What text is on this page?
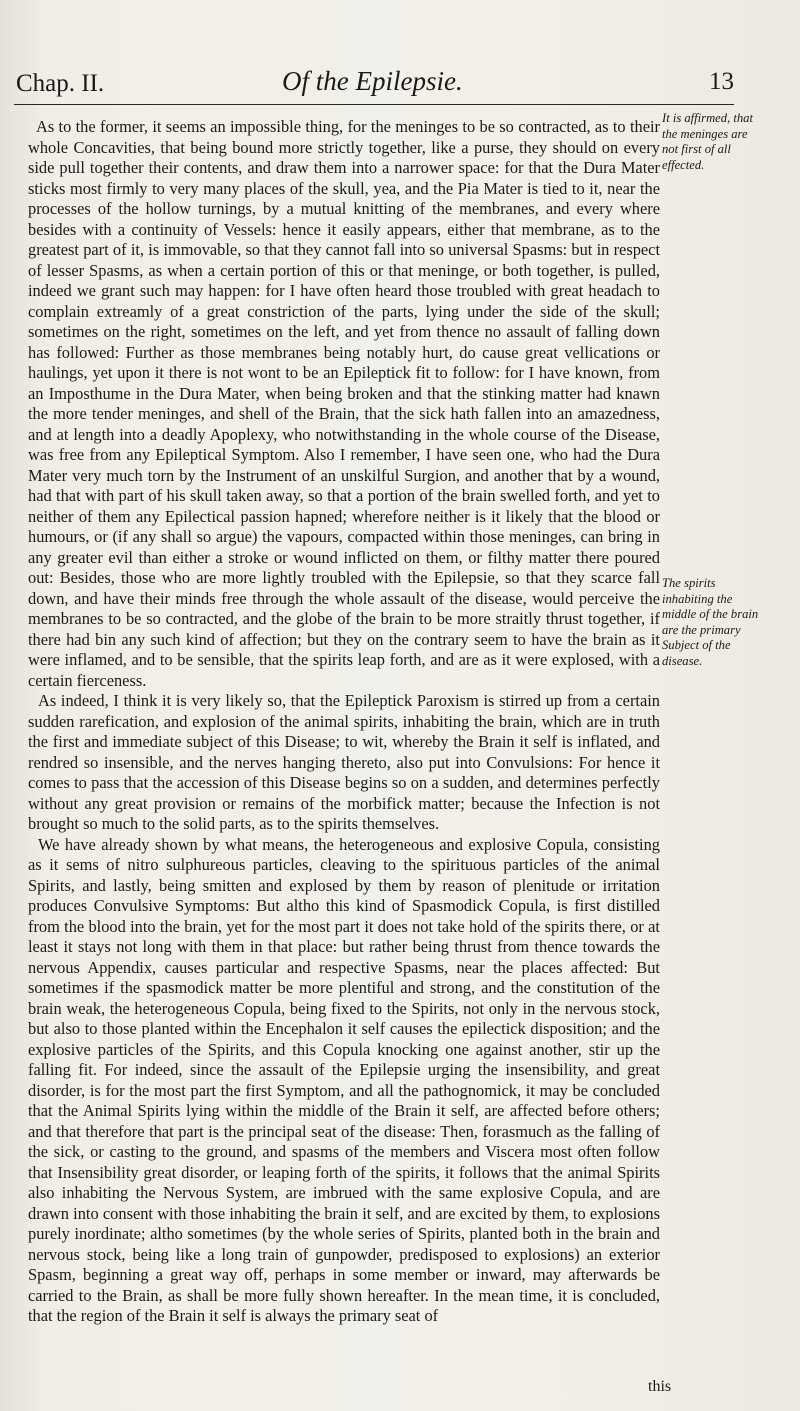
Chap. II.	Of the Epilepsie.	13

As to the former, it seems an impossible thing, for the meninges to be so contracted, as to their whole Concavities, that being bound more strictly together, like a purse, they should on every side pull together their contents, and draw them into a narrower space: for that the Dura Mater sticks most firmly to very many places of the skull, yea, and the Pia Mater is tied to it, near the processes of the hollow turnings, by a mutual knitting of the membranes, and every where besides with a continuity of Vessels: hence it easily appears, either that membrane, as to the greatest part of it, is immovable, so that they cannot fall into so universal Spasms: but in respect of lesser Spasms, as when a certain portion of this or that meninge, or both together, is pulled, indeed we grant such may happen: for I have often heard those troubled with great headach to complain extreamly of a great constriction of the parts, lying under the side of the skull; sometimes on the right, sometimes on the left, and yet from thence no assault of falling down has followed: Further as those membranes being notably hurt, do cause great vellications or haulings, yet upon it there is not wont to be an Epileptick fit to follow: for I have known, from an Imposthume in the Dura Mater, when being broken and that the stinking matter had knawn the more tender meninges, and shell of the Brain, that the sick hath fallen into an amazedness, and at length into a deadly Apoplexy, who notwithstanding in the whole course of the Disease, was free from any Epileptical Symptom. Also I remember, I have seen one, who had the Dura Mater very much torn by the Instrument of an unskilful Surgion, and another that by a wound, had that with part of his skull taken away, so that a portion of the brain swelled forth, and yet to neither of them any Epilectical passion hapned; wherefore neither is it likely that the blood or humours, or (if any shall so argue) the vapours, compacted within those meninges, can bring in any greater evil than either a stroke or wound inflicted on them, or filthy matter there poured out: Besides, those who are more lightly troubled with the Epilepsie, so that they scarce fall down, and have their minds free through the whole assault of the disease, would perceive the membranes to be so contracted, and the globe of the brain to be more straitly thrust together, if there had bin any such kind of affection; but they on the contrary seem to have the brain as it were inflamed, and to be sensible, that the spirits leap forth, and are as it were explosed, with a certain fierceness.

As indeed, I think it is very likely so, that the Epileptick Paroxism is stirred up from a certain sudden rarefication, and explosion of the animal spirits, inhabiting the brain, which are in truth the first and immediate subject of this Disease; to wit, whereby the Brain it self is inflated, and rendred so insensible, and the nerves hanging thereto, also put into Convulsions: For hence it comes to pass that the accession of this Disease begins so on a sudden, and determines perfectly without any great provision or remains of the morbifick matter; because the Infection is not brought so much to the solid parts, as to the spirits themselves.

We have already shown by what means, the heterogeneous and explosive Copula, consisting as it sems of nitro sulphureous particles, cleaving to the spirituous particles of the animal Spirits, and lastly, being smitten and explosed by them by reason of plenitude or irritation produces Convulsive Symptoms: But altho this kind of Spasmodick Copula, is first distilled from the blood into the brain, yet for the most part it does not take hold of the spirits there, or at least it stays not long with them in that place: but rather being thrust from thence towards the nervous Appendix, causes particular and respective Spasms, near the places affected: But sometimes if the spasmodick matter be more plentiful and strong, and the constitution of the brain weak, the heterogeneous Copula, being fixed to the Spirits, not only in the nervous stock, but also to those planted within the Encephalon it self causes the epilectick disposition; and the explosive particles of the Spirits, and this Copula knocking one against another, stir up the falling fit. For indeed, since the assault of the Epilepsie urging the insensibility, and great disorder, is for the most part the first Symptom, and all the pathognomick, it may be concluded that the Animal Spirits lying within the middle of the Brain it self, are affected before others; and that therefore that part is the principal seat of the disease: Then, forasmuch as the falling of the sick, or casting to the ground, and spasms of the members and Viscera most often follow that Insensibility great disorder, or leaping forth of the spirits, it follows that the animal Spirits also inhabiting the Nervous System, are imbrued with the same explosive Copula, and are drawn into consent with those inhabiting the brain it self, and are excited by them, to explosions purely inordinate; altho sometimes (by the whole series of Spirits, planted both in the brain and nervous stock, being like a long train of gunpowder, predisposed to explosions) an exterior Spasm, beginning a great way off, perhaps in some member or inward, may afterwards be carried to the Brain, as shall be more fully shown hereafter. In the mean time, it is concluded, that the region of the Brain it self is always the primary seat of

It is affirmed, that the meninges are not first of all effected.
The spirits inhabiting the middle of the brain are the primary Subject of the disease.
this
